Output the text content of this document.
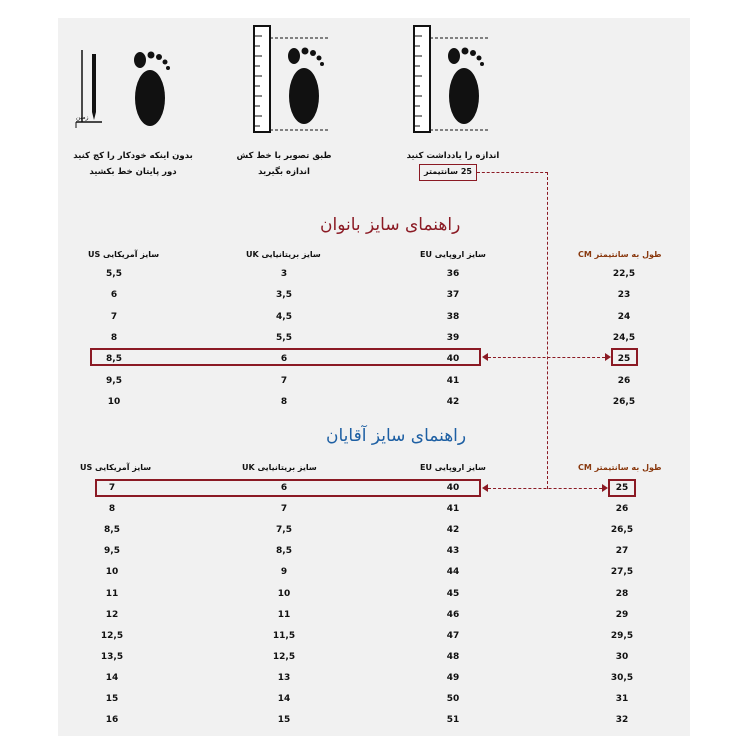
زمین
بدون اینکه خودکار را کج کنید
دور پایتان خط بکشید
طبق تصویر با خط کش
اندازه بگیرید
اندازه را یادداشت کنید
25 سانتیمتر
راهنمای سایز بانوان
سایز آمریکایی US	سایز بریتانیایی UK	سایز اروپایی EU	طول به سانتیمتر CM
5,5	3	36	22,5
6	3,5	37	23
7	4,5	38	24
8	5,5	39	24,5
8,5	6	40	25
9,5	7	41	26
10	8	42	26,5
راهنمای سایز آقایان
سایز آمریکایی US	سایز بریتانیایی UK	سایز اروپایی EU	طول به سانتیمتر CM
7	6	40	25
8	7	41	26
8,5	7,5	42	26,5
9,5	8,5	43	27
10	9	44	27,5
11	10	45	28
12	11	46	29
12,5	11,5	47	29,5
13,5	12,5	48	30
14	13	49	30,5
15	14	50	31
16	15	51	32
